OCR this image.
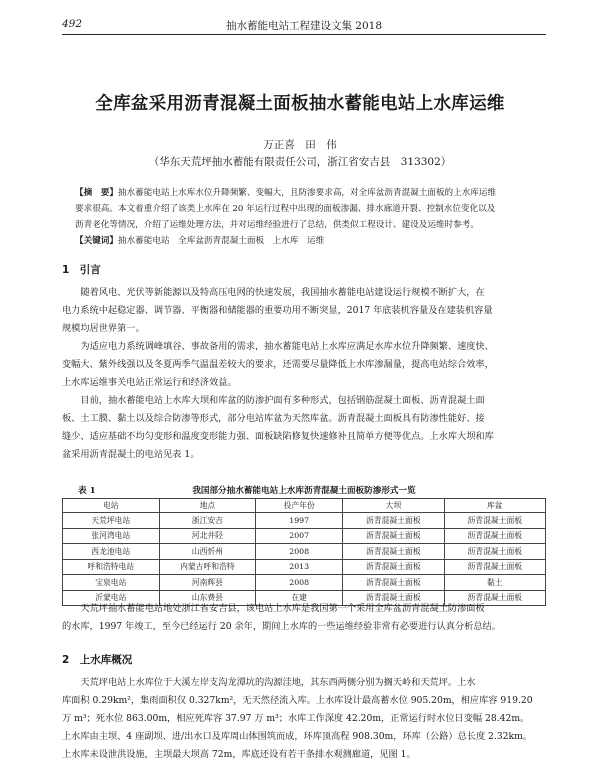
492	抽水蓄能电站工程建设文集 2018
全库盆采用沥青混凝土面板抽水蓄能电站上水库运维
万正喜　田　伟
（华东天荒坪抽水蓄能有限责任公司，浙江省安吉县　313302）

【摘　要】抽水蓄能电站上水库水位升降频繁、变幅大，且防渗要求高，对全库盆沥青混凝土面板的上水库运维

要求很高。本文着重介绍了该类上水库在 20 年运行过程中出现的面板渗漏、排水廊道开裂、控制水位变化以及

沥青老化等情况，介绍了运维处理方法，并对运维经验进行了总结，供类似工程设计、建设及运维时参考。

【关键词】抽水蓄能电站　全库盆沥青混凝土面板　上水库　运维

1　引言

随着风电、光伏等新能源以及特高压电网的快速发展，我国抽水蓄能电站建设运行规模不断扩大，在

电力系统中起稳定器、调节器、平衡器和储能器的重要功用不断突显，2017 年底装机容量及在建装机容量

规模均居世界第一。

为适应电力系统调峰填谷、事故备用的需求，抽水蓄能电站上水库应满足水库水位升降频繁、速度快、

变幅大、紫外线强以及冬夏两季气温温差较大的要求，还需要尽量降低上水库渗漏量，提高电站综合效率，

上水库运维事关电站正常运行和经济效益。

目前，抽水蓄能电站上水库大坝和库盆的防渗护面有多种形式，包括钢筋混凝土面板、沥青混凝土面

板、土工膜、黏土以及综合防渗等形式，部分电站库盆为天然库盆。沥青混凝土面板具有防渗性能好、接

缝少、适应基础不均匀变形和温度变形能力强、面板缺陷修复快速修补且简单方便等优点。上水库大坝和库

盆采用沥青混凝土的电站见表 1。

表 1	我国部分抽水蓄能电站上水库沥青混凝土面板防渗形式一览
电站	地点	投产年份	大坝	库盆
天荒坪电站	浙江安吉	1997	沥青混凝土面板	沥青混凝土面板
张河湾电站	河北井陉	2007	沥青混凝土面板	沥青混凝土面板
西龙池电站	山西忻州	2008	沥青混凝土面板	沥青混凝土面板
呼和浩特电站	内蒙古呼和浩特	2013	沥青混凝土面板	沥青混凝土面板
宝泉电站	河南辉县	2008	沥青混凝土面板	黏土
沂蒙电站	山东费县	在建	沥青混凝土面板	沥青混凝土面板

天荒坪抽水蓄能电站地处浙江省安吉县，该电站上水库是我国第一个采用全库盆沥青混凝土防渗面板

的水库，1997 年竣工，至今已经运行 20 余年，期间上水库的一些运维经验非常有必要进行认真分析总结。

2　上水库概况

天荒坪电站上水库位于大溪左岸支沟龙潭坑的沟源洼地，其东西两侧分别为搁天岭和天荒坪。上水

库面积 0.29km²，集雨面积仅 0.327km²，无天然径流入库。上水库设计最高蓄水位 905.20m，相应库容 919.20

万 m³；死水位 863.00m，相应死库容 37.97 万 m³；水库工作深度 42.20m，正常运行时水位日变幅 28.42m。

上水库由主坝、4 座副坝、进/出水口及库周山体围筑而成，环库顶高程 908.30m，环库（公路）总长度 2.32km。

上水库未设泄洪设施，主坝最大坝高 72m，库底还设有若干条排水观测廊道，见图 1。
